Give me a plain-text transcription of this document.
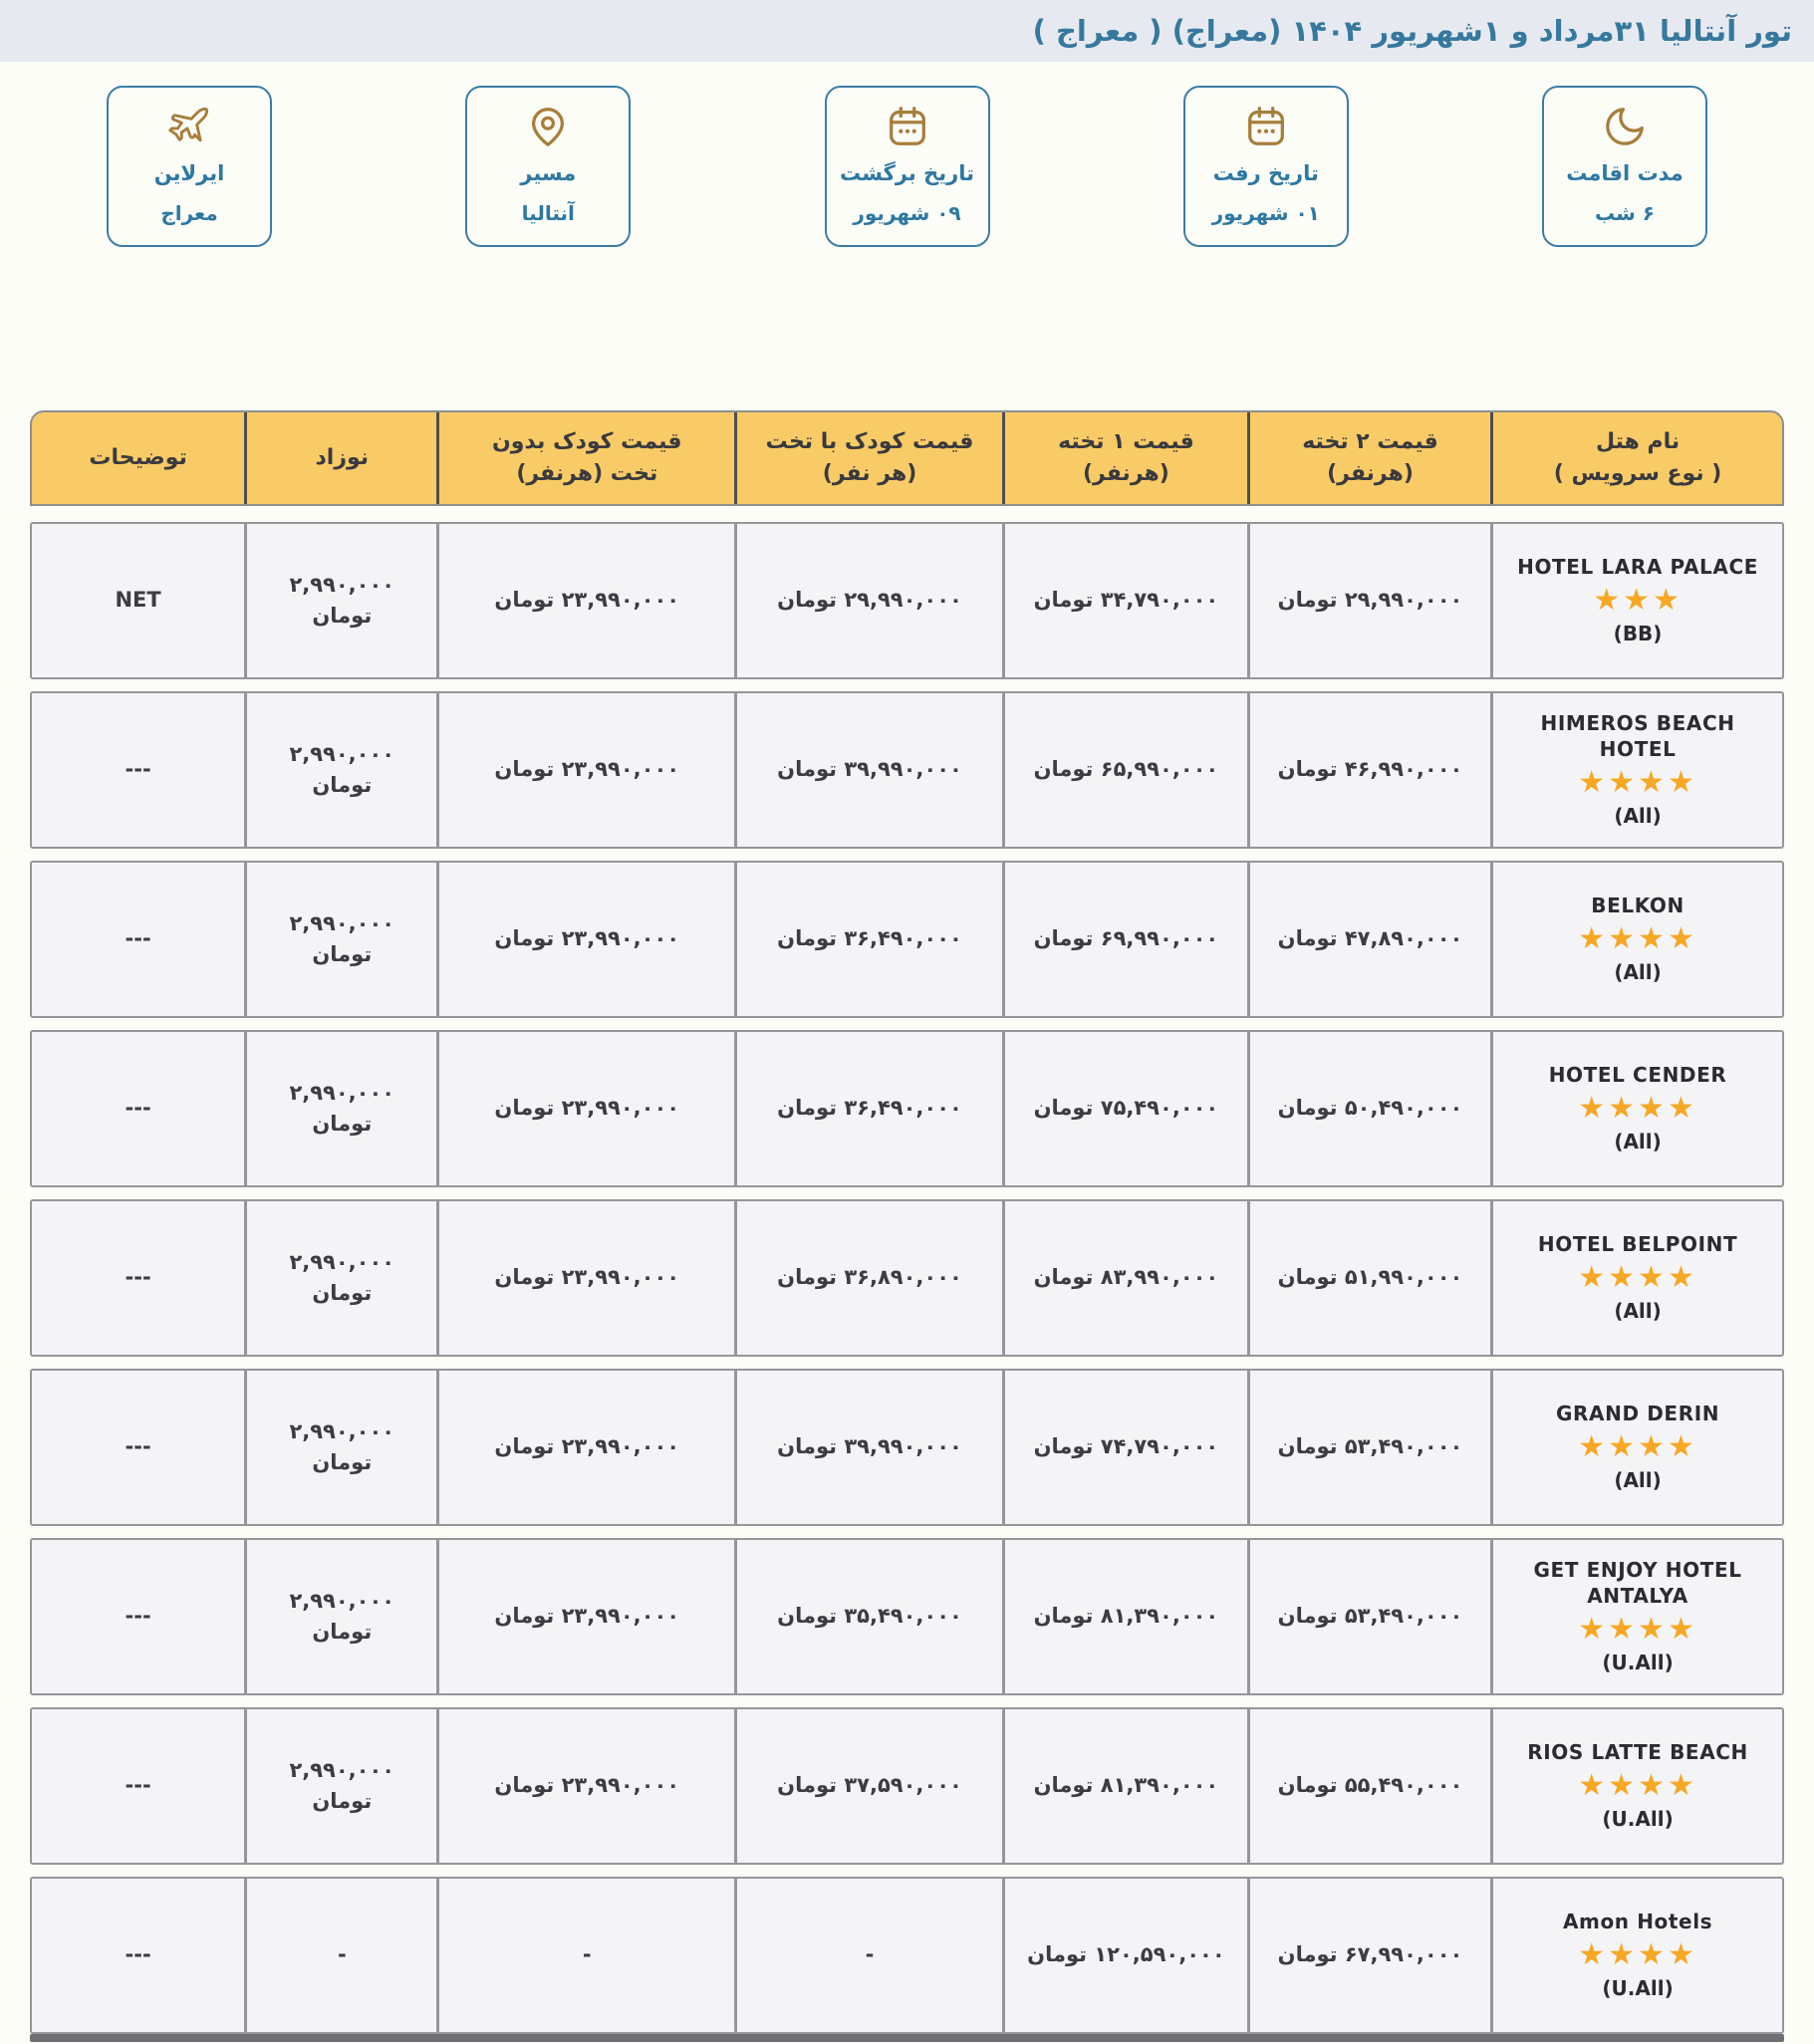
تور آنتالیا ۳۱مرداد و ۱شهریور ۱۴۰۴ (معراج) ( معراج )
مدت اقامت
۶ شب
تاریخ رفت
۰۱ شهریور
تاریخ برگشت
۰۹ شهریور
مسیر
آنتالیا
ایرلاین
معراج
نام هتل
( نوع سرویس )
قیمت ۲ تخته
(هرنفر)
قیمت ۱ تخته
(هرنفر)
قیمت کودک با تخت
(هر نفر)
قیمت کودک بدون
تخت (هرنفر)
نوزاد
توضیحات
HOTEL LARA PALACE
★★★
(BB)
۲۹,۹۹۰,۰۰۰ تومان
۳۴,۷۹۰,۰۰۰ تومان
۲۹,۹۹۰,۰۰۰ تومان
۲۳,۹۹۰,۰۰۰ تومان
۲,۹۹۰,۰۰۰ تومان
NET
HIMEROS BEACH HOTEL
★★★★
(All)
۴۶,۹۹۰,۰۰۰ تومان
۶۵,۹۹۰,۰۰۰ تومان
۳۹,۹۹۰,۰۰۰ تومان
۲۳,۹۹۰,۰۰۰ تومان
۲,۹۹۰,۰۰۰ تومان
---
BELKON
★★★★
(All)
۴۷,۸۹۰,۰۰۰ تومان
۶۹,۹۹۰,۰۰۰ تومان
۳۶,۴۹۰,۰۰۰ تومان
۲۳,۹۹۰,۰۰۰ تومان
۲,۹۹۰,۰۰۰ تومان
---
HOTEL CENDER
★★★★
(All)
۵۰,۴۹۰,۰۰۰ تومان
۷۵,۴۹۰,۰۰۰ تومان
۳۶,۴۹۰,۰۰۰ تومان
۲۳,۹۹۰,۰۰۰ تومان
۲,۹۹۰,۰۰۰ تومان
---
HOTEL BELPOINT
★★★★
(All)
۵۱,۹۹۰,۰۰۰ تومان
۸۳,۹۹۰,۰۰۰ تومان
۳۶,۸۹۰,۰۰۰ تومان
۲۳,۹۹۰,۰۰۰ تومان
۲,۹۹۰,۰۰۰ تومان
---
GRAND DERIN
★★★★
(All)
۵۳,۴۹۰,۰۰۰ تومان
۷۴,۷۹۰,۰۰۰ تومان
۳۹,۹۹۰,۰۰۰ تومان
۲۳,۹۹۰,۰۰۰ تومان
۲,۹۹۰,۰۰۰ تومان
---
GET ENJOY HOTEL ANTALYA
★★★★
(U.All)
۵۳,۴۹۰,۰۰۰ تومان
۸۱,۳۹۰,۰۰۰ تومان
۳۵,۴۹۰,۰۰۰ تومان
۲۳,۹۹۰,۰۰۰ تومان
۲,۹۹۰,۰۰۰ تومان
---
RIOS LATTE BEACH
★★★★
(U.All)
۵۵,۴۹۰,۰۰۰ تومان
۸۱,۳۹۰,۰۰۰ تومان
۳۷,۵۹۰,۰۰۰ تومان
۲۳,۹۹۰,۰۰۰ تومان
۲,۹۹۰,۰۰۰ تومان
---
Amon Hotels
★★★★
(U.All)
۶۷,۹۹۰,۰۰۰ تومان
۱۲۰,۵۹۰,۰۰۰ تومان
-
-
-
---
